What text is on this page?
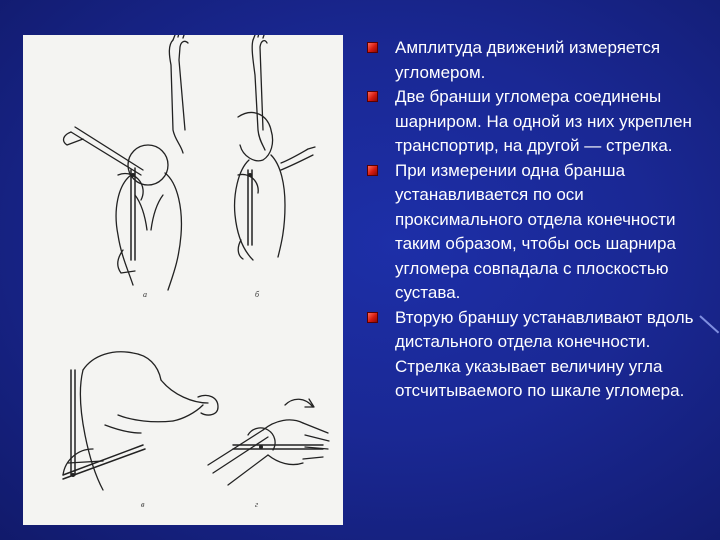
а	б
в	г
Амплитуда движений измеряется угломером.
Две бранши угломера соединены шарниром. На одной из них укреплен транспортир, на другой — стрелка.
При измерении одна бранша устанавливается по оси проксимального отдела конечности таким образом, чтобы ось шарнира угломера совпадала с плоскостью сустава.
Вторую браншу устанавливают вдоль дистального отдела конечности. Стрелка указывает величину угла отсчитываемого по шкале угломера.
